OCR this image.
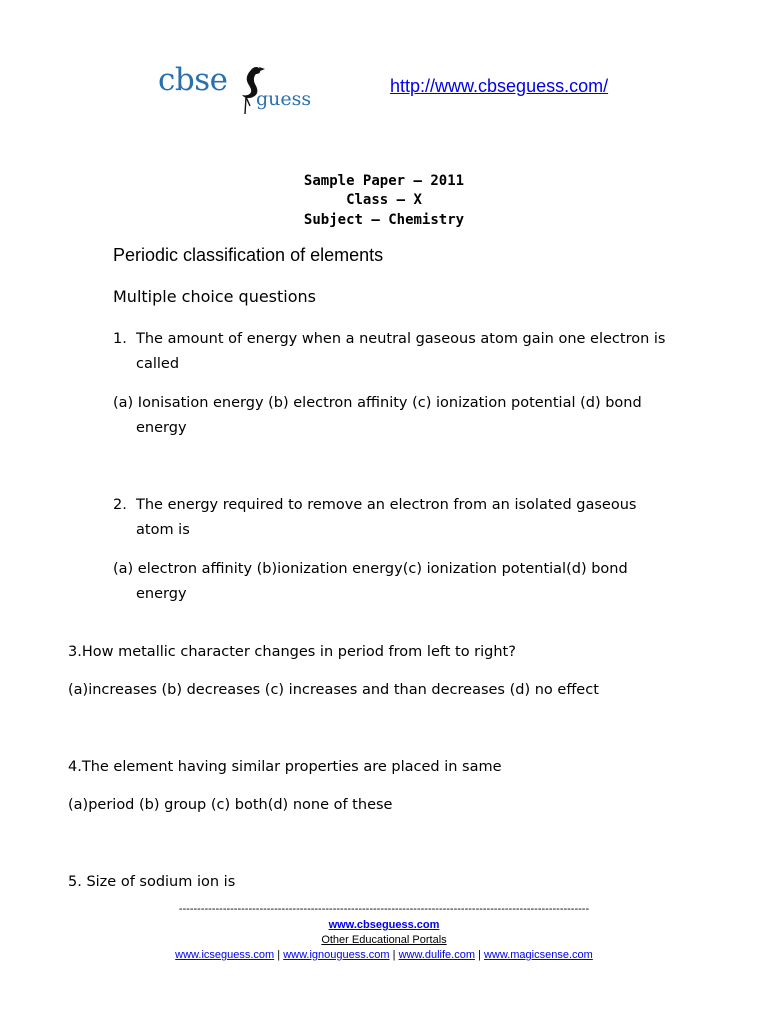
cbse
guess
http://www.cbseguess.com/
Sample Paper – 2011
Class – X
Subject – Chemistry
Periodic classification of elements
Multiple choice questions
1. The amount of energy when a neutral gaseous atom gain one electron is
called
(a) Ionisation energy (b) electron affinity (c) ionization potential (d) bond
energy
2. The energy required to remove an electron from an isolated gaseous
atom is
(a) electron affinity (b)ionization energy(c) ionization potential(d) bond
energy
3.How metallic character changes in period from left to right?
(a)increases (b) decreases (c) increases and than decreases (d) no effect
4.The element having similar properties are placed in same
(a)period (b) group (c) both(d) none of these
5. Size of sodium ion is
----------------------------------------------------------------------------------------------------------------
www.cbseguess.com
Other Educational Portals
www.icseguess.com | www.ignouguess.com | www.dulife.com | www.magicsense.com
